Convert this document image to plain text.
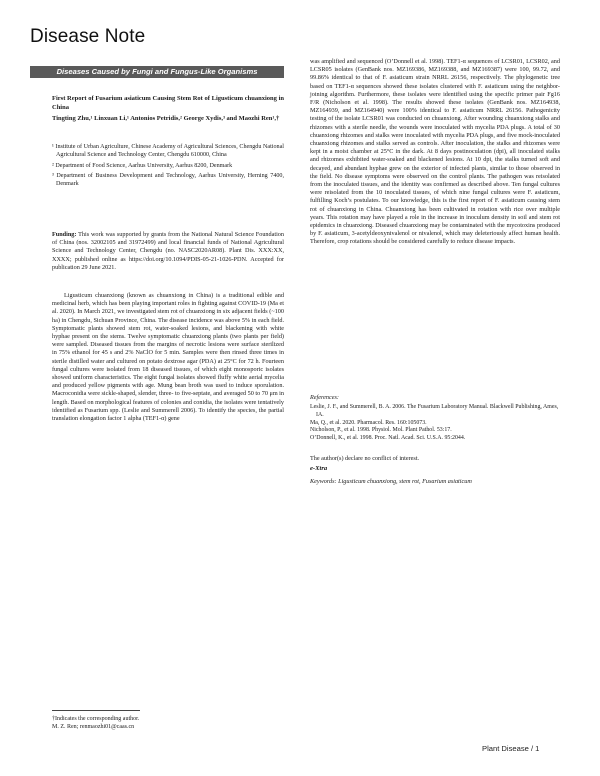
Disease Note
Diseases Caused by Fungi and Fungus-Like Organisms
First Report of Fusarium asiaticum Causing Stem Rot of Ligusticum chuanxiong in China
Tingting Zhu,¹ Linxuan Li,¹ Antonios Petridis,² George Xydis,³ and Maozhi Ren¹,†

¹ Institute of Urban Agriculture, Chinese Academy of Agricultural Sciences, Chengdu National Agricultural Science and Technology Center, Chengdu 610000, China

² Department of Food Science, Aarhus University, Aarhus 8200, Denmark

³ Department of Business Development and Technology, Aarhus University, Herning 7400, Denmark

Funding: This work was supported by grants from the National Natural Science Foundation of China (nos. 32002105 and 31972499) and local financial funds of National Agricultural Science and Technology Center, Chengdu (no. NASC2020AR08). Plant Dis. XXX:XX, XXXX; published online as https://doi.org/10.1094/PDIS-05-21-1026-PDN. Accepted for publication 29 June 2021.

Ligusticum chuanxiong (known as chuanxiong in China) is a traditional edible and medicinal herb, which has been playing important roles in fighting against COVID-19 (Ma et al. 2020). In March 2021, we investigated stem rot of chuanxiong in six adjacent fields (~100 ha) in Chengdu, Sichuan Province, China. The disease incidence was above 5% in each field. Symptomatic plants showed stem rot, water-soaked lesions, and blackening with white hyphae present on the stems. Twelve symptomatic chuanxiong plants (two plants per field) were sampled. Diseased tissues from the margins of necrotic lesions were surface sterilized in 75% ethanol for 45 s and 2% NaClO for 5 min. Samples were then rinsed three times in sterile distilled water and cultured on potato dextrose agar (PDA) at 25°C for 72 h. Fourteen fungal cultures were isolated from 18 diseased tissues, of which eight monosporic isolates showed uniform characteristics. The eight fungal isolates showed fluffy white aerial mycelia and produced yellow pigments with age. Mung bean broth was used to induce sporulation. Macroconidia were sickle-shaped, slender, three- to five-septate, and averaged 50 to 70 μm in length. Based on morphological features of colonies and conidia, the isolates were tentatively identified as Fusarium spp. (Leslie and Summerell 2006). To identify the species, the partial translation elongation factor 1 alpha (TEF1-α) gene

was amplified and sequenced (O’Donnell et al. 1998). TEF1-α sequences of LCSR01, LCSR02, and LCSR05 isolates (GenBank nos. MZ169386, MZ169388, and MZ169387) were 100, 99.72, and 99.86% identical to that of F. asiaticum strain NRRL 26156, respectively. The phylogenetic tree based on TEF1-α sequences showed these isolates clustered with F. asiaticum using the neighbor-joining algorithm. Furthermore, these isolates were identified using the specific primer pair Fg16 F/R (Nicholson et al. 1998). The results showed these isolates (GenBank nos. MZ164938, MZ164939, and MZ164940) were 100% identical to F. asiaticum NRRL 26156. Pathogenicity testing of the isolate LCSR01 was conducted on chuanxiong. After wounding chuanxiong stalks and rhizomes with a sterile needle, the wounds were inoculated with mycelia PDA plugs. A total of 30 chuanxiong rhizomes and stalks were inoculated with mycelia PDA plugs, and five mock-inoculated chuanxiong rhizomes and stalks served as controls. After inoculation, the stalks and rhizomes were kept in a moist chamber at 25°C in the dark. At 8 days postinoculation (dpi), all inoculated stalks and rhizomes exhibited water-soaked and blackened lesions. At 10 dpi, the stalks turned soft and decayed, and abundant hyphae grew on the exterior of infected plants, similar to those observed in the field. No disease symptoms were observed on the control plants. The pathogen was reisolated from the inoculated tissues, and the identity was confirmed as described above. Ten fungal cultures were reisolated from the 10 inoculated tissues, of which nine fungal cultures were F. asiaticum, fulfilling Koch’s postulates. To our knowledge, this is the first report of F. asiaticum causing stem rot of chuanxiong in China. Chuanxiong has been cultivated in rotation with rice over multiple years. This rotation may have played a role in the increase in inoculum density in soil and stem rot epidemics in chuanxiong. Diseased chuanxiong may be contaminated with the mycotoxins produced by F. asiaticum, 3-acetyldeoxynivalenol or nivalenol, which may deleteriously affect human health. Therefore, crop rotations should be considered carefully to reduce disease impacts.

References:

Leslie, J. F., and Summerell, B. A. 2006. The Fusarium Laboratory Manual. Blackwell Publishing, Ames, IA.

Ma, Q., et al. 2020. Pharmacol. Res. 160:105073.

Nicholson, P., et al. 1998. Physiol. Mol. Plant Pathol. 53:17.

O’Donnell, K., et al. 1998. Proc. Natl. Acad. Sci. U.S.A. 95:2044.

The author(s) declare no conflict of interest.
e-Xtra
Keywords: Ligusticum chuanxiong, stem rot, Fusarium asiaticum
†Indicates the corresponding author.
M. Z. Ren; renmaozhi01@caas.cn
Plant Disease / 1
